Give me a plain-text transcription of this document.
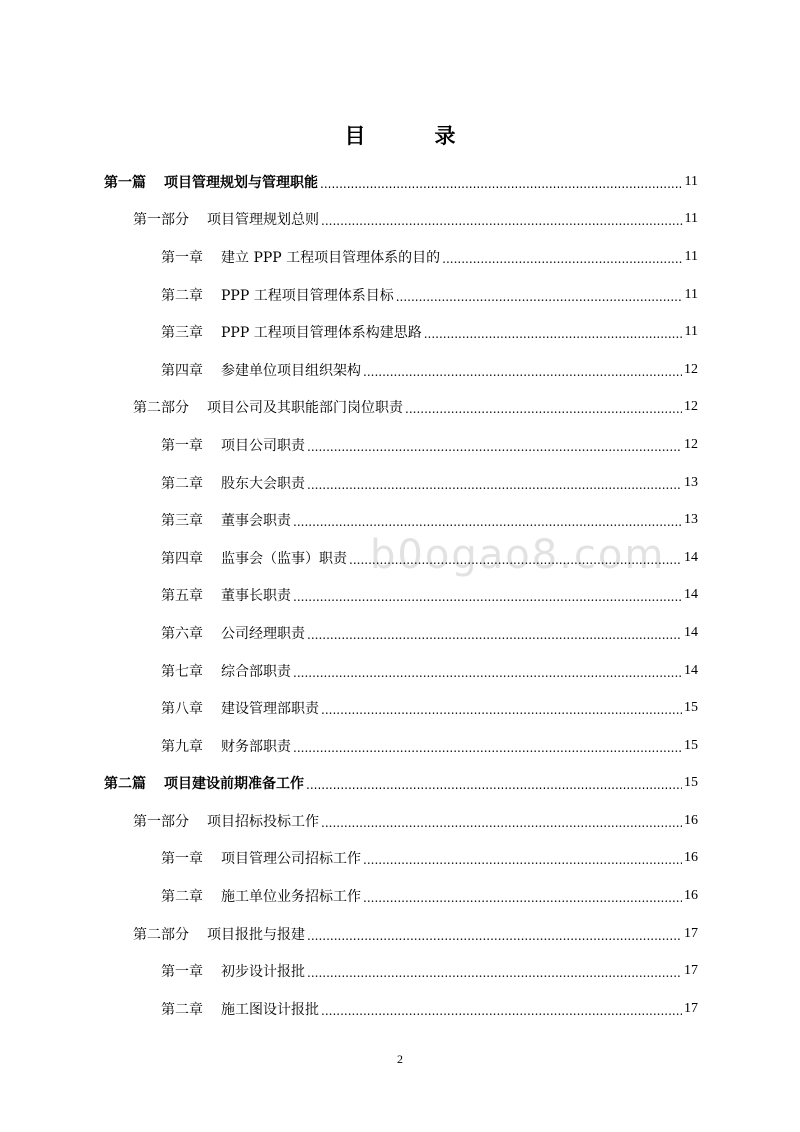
目　录
b0ogao8.com
第一篇 项目管理规划与管理职能 .....	11
第一部分 项目管理规划总则 .....	11
第一章 建立 PPP 工程项目管理体系的目的 .....	11
第二章 PPP 工程项目管理体系目标 .....	11
第三章 PPP 工程项目管理体系构建思路 .....	11
第四章 参建单位项目组织架构 .....	12
第二部分 项目公司及其职能部门岗位职责 .....	12
第一章 项目公司职责 .....	12
第二章 股东大会职责 .....	13
第三章 董事会职责 .....	13
第四章 监事会（监事）职责 .....	14
第五章 董事长职责 .....	14
第六章 公司经理职责 .....	14
第七章 综合部职责 .....	14
第八章 建设管理部职责 .....	15
第九章 财务部职责 .....	15
第二篇 项目建设前期准备工作 .....	15
第一部分 项目招标投标工作 .....	16
第一章 项目管理公司招标工作 .....	16
第二章 施工单位业务招标工作 .....	16
第二部分 项目报批与报建 .....	17
第一章 初步设计报批 .....	17
第二章 施工图设计报批 .....	17
2
